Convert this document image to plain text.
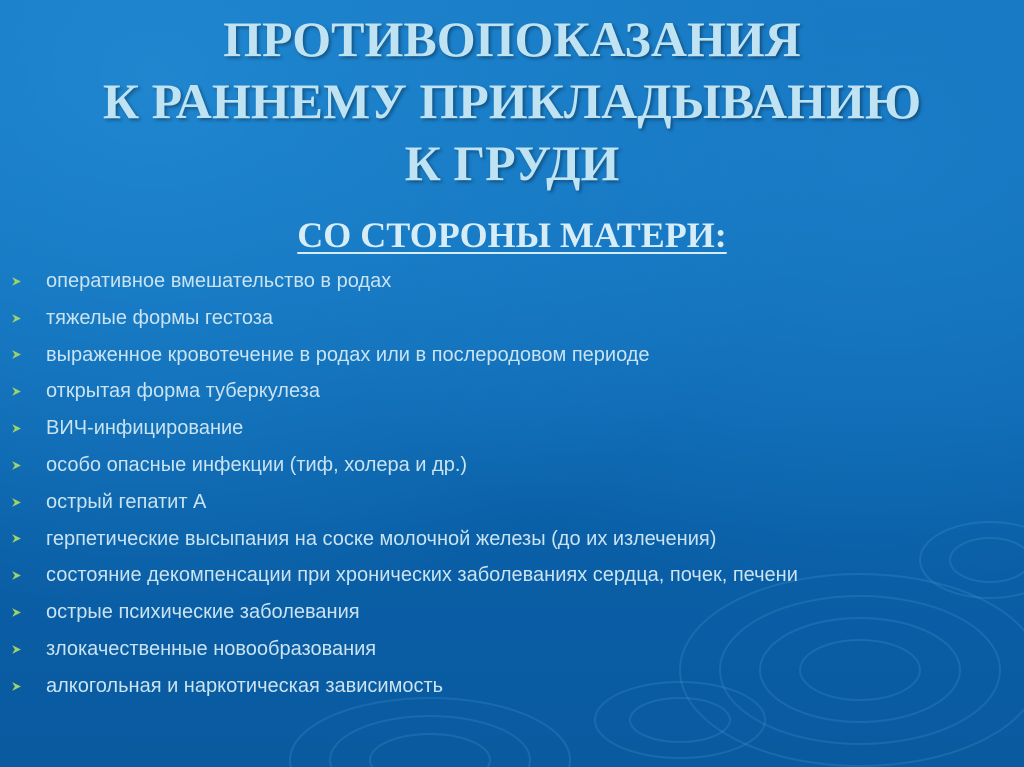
ПРОТИВОПОКАЗАНИЯ
К РАННЕМУ ПРИКЛАДЫВАНИЮ
К ГРУДИ
СО СТОРОНЫ МАТЕРИ:
оперативное вмешательство в родах
тяжелые формы гестоза
выраженное кровотечение в родах или в послеродовом периоде
открытая форма туберкулеза
ВИЧ-инфицирование
особо опасные инфекции (тиф, холера и др.)
острый гепатит А
герпетические высыпания на соске молочной железы (до их излечения)
состояние декомпенсации при хронических заболеваниях сердца, почек, печени
острые психические заболевания
злокачественные новообразования
алкогольная и наркотическая зависимость
